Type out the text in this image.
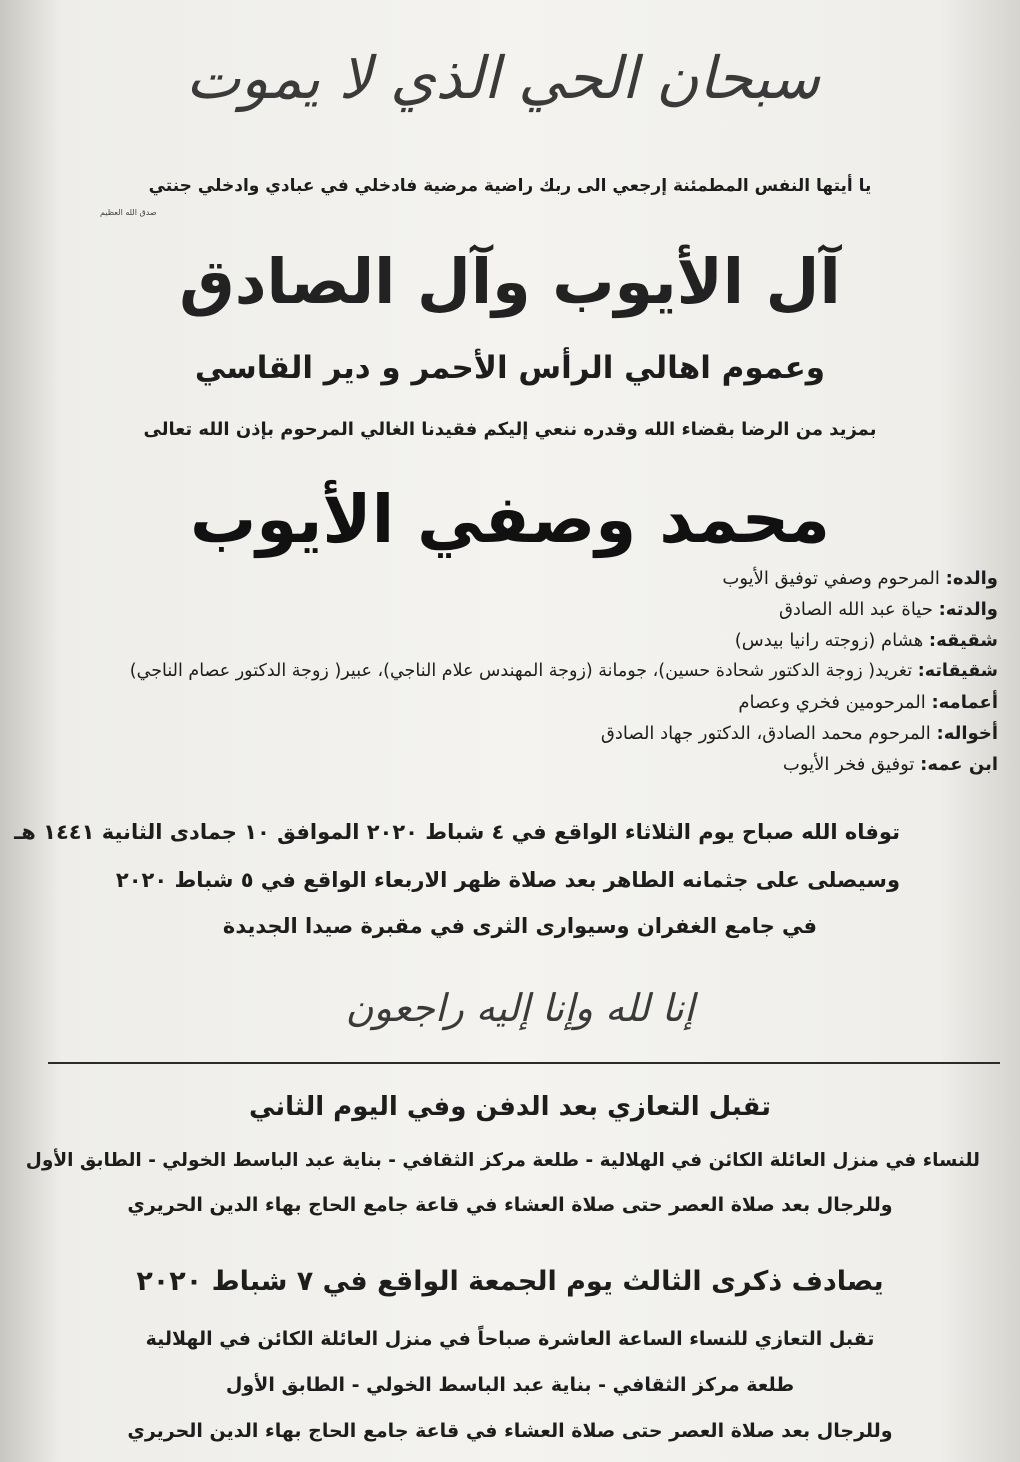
سبحان الحي الذي لا يموت
يا أيتها النفس المطمئنة إرجعي الى ربك راضية مرضية فادخلي في عبادي وادخلي جنتي
صدق الله العظيم
آل الأيوب وآل الصادق
وعموم اهالي الرأس الأحمر و دير القاسي
بمزيد من الرضا بقضاء الله وقدره ننعي إليكم فقيدنا الغالي المرحوم بإذن الله تعالى
محمد وصفي الأيوب
والده: المرحوم وصفي توفيق الأيوب
والدته: حياة عبد الله الصادق
شقيقه: هشام (زوجته رانيا بيدس)
شقيقاته: تغريد( زوجة الدكتور شحادة حسين)، جومانة (زوجة المهندس علام الناجي)، عبير( زوجة الدكتور عصام الناجي)
أعمامه: المرحومين فخري وعصام
أخواله: المرحوم محمد الصادق، الدكتور جهاد الصادق
ابن عمه: توفيق فخر الأيوب
توفاه الله صباح يوم الثلاثاء الواقع في ٤ شباط ٢٠٢٠ الموافق ١٠ جمادى الثانية ١٤٤١ هـ
وسيصلى على جثمانه الطاهر بعد صلاة ظهر الاربعاء الواقع في ٥ شباط ٢٠٢٠
في جامع الغفران وسيوارى الثرى في مقبرة صيدا الجديدة
إنا لله وإنا إليه راجعون
تقبل التعازي بعد الدفن وفي اليوم الثاني
للنساء في منزل العائلة الكائن في الهلالية - طلعة مركز الثقافي - بناية عبد الباسط الخولي - الطابق الأول
وللرجال بعد صلاة العصر حتى صلاة العشاء في قاعة جامع الحاج بهاء الدين الحريري
يصادف ذكرى الثالث يوم الجمعة الواقع في ٧ شباط ٢٠٢٠
تقبل التعازي للنساء الساعة العاشرة صباحاً في منزل العائلة الكائن في الهلالية
طلعة مركز الثقافي - بناية عبد الباسط الخولي - الطابق الأول
وللرجال بعد صلاة العصر حتى صلاة العشاء في قاعة جامع الحاج بهاء الدين الحريري
